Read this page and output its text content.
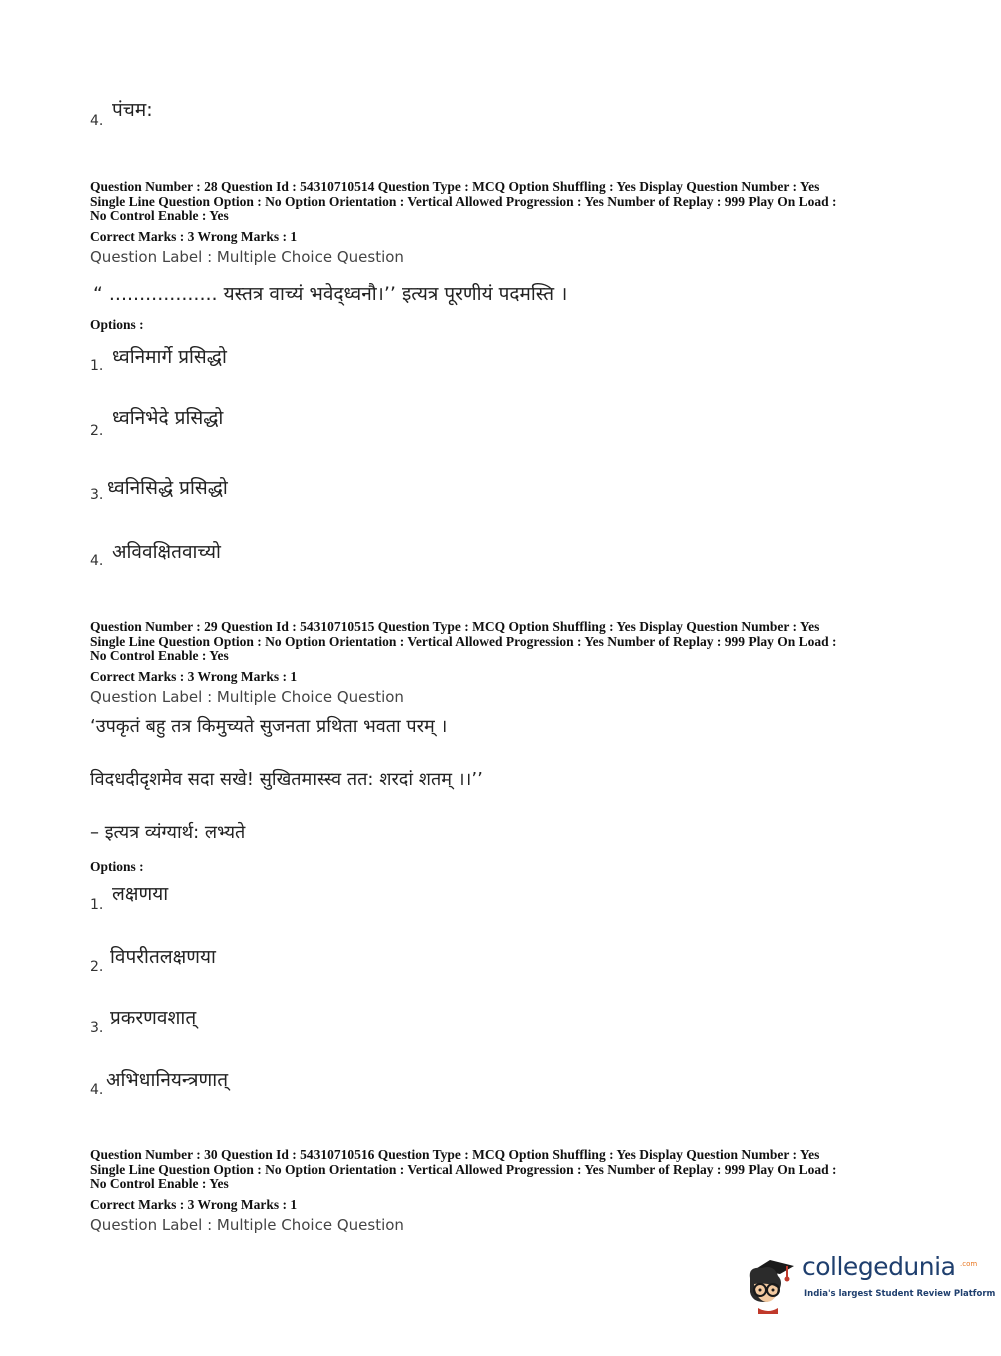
4. पंचम:
Question Number : 28 Question Id : 54310710514 Question Type : MCQ Option Shuffling : Yes Display Question Number : Yes
Single Line Question Option : No Option Orientation : Vertical Allowed Progression : Yes Number of Replay : 999 Play On Load :
No Control Enable : Yes
Correct Marks : 3 Wrong Marks : 1
Question Label : Multiple Choice Question
“ .................. यस्तत्र वाच्यं भवेद्ध्वनौ।’’ इत्यत्र पूरणीयं पदमस्ति ।
Options :
1. ध्वनिमार्गे प्रसिद्धो
2.
ध्वनिभेदे प्रसिद्धो
3. ध्वनिसिद्धे प्रसिद्धो
4. अविवक्षितवाच्यो
Question Number : 29 Question Id : 54310710515 Question Type : MCQ Option Shuffling : Yes Display Question Number : Yes
Single Line Question Option : No Option Orientation : Vertical Allowed Progression : Yes Number of Replay : 999 Play On Load :
No Control Enable : Yes
Correct Marks : 3 Wrong Marks : 1
Question Label : Multiple Choice Question
‘उपकृतं बहु तत्र किमुच्यते सुजनता प्रथिता भवता परम् ।
विदधदीदृशमेव सदा सखे! सुखितमास्स्व तत: शरदां शतम् ।।’’
– इत्यत्र व्यंग्यार्थ: लभ्यते
Options :
1. लक्षणया
2. विपरीतलक्षणया
3. प्रकरणवशात्
4. अभिधानियन्त्रणात्
Question Number : 30 Question Id : 54310710516 Question Type : MCQ Option Shuffling : Yes Display Question Number : Yes
Single Line Question Option : No Option Orientation : Vertical Allowed Progression : Yes Number of Replay : 999 Play On Load :
No Control Enable : Yes
Correct Marks : 3 Wrong Marks : 1
Question Label : Multiple Choice Question
collegedunia .com
India's largest Student Review Platform
